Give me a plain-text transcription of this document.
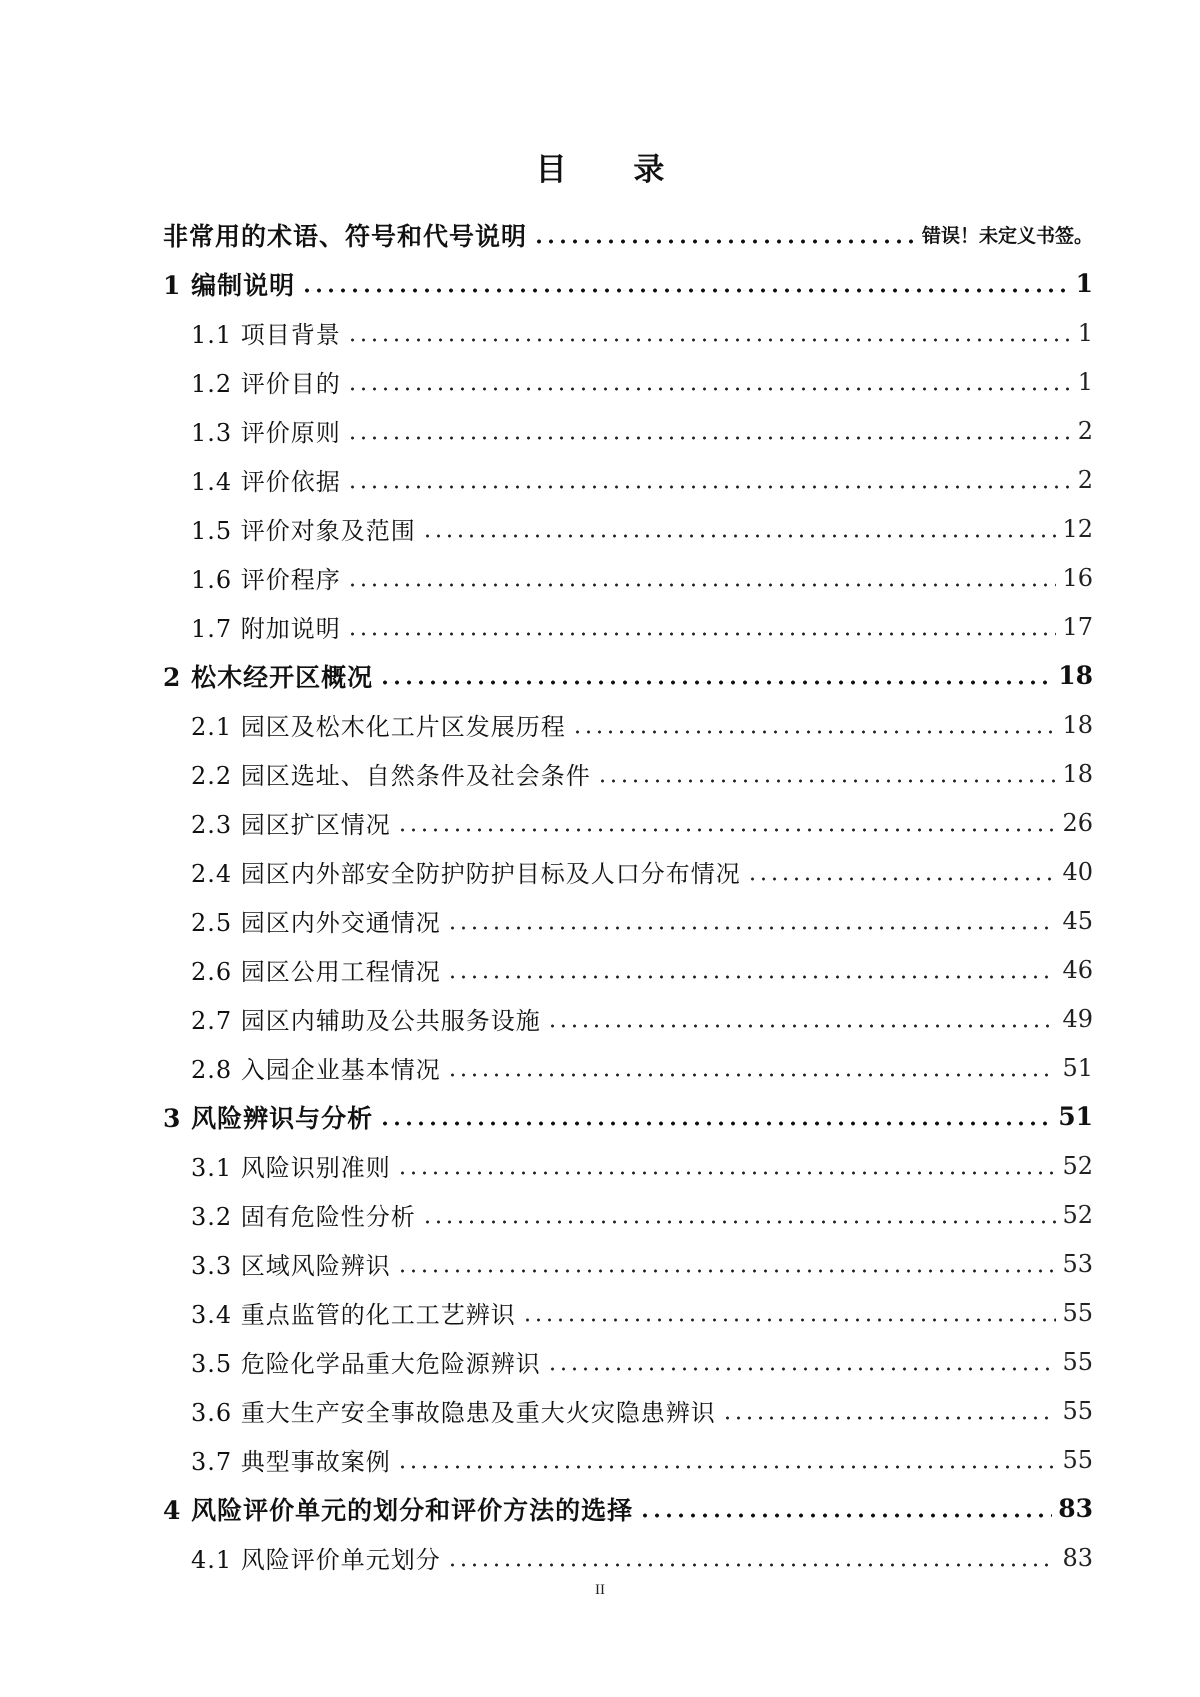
目 录
非常用的术语、符号和代号说明	错误！未定义书签。
1 编制说明	1
1.1 项目背景	1
1.2 评价目的	1
1.3 评价原则	2
1.4 评价依据	2
1.5 评价对象及范围	12
1.6 评价程序	16
1.7 附加说明	17
2 松木经开区概况	18
2.1 园区及松木化工片区发展历程	18
2.2 园区选址、自然条件及社会条件	18
2.3 园区扩区情况	26
2.4 园区内外部安全防护防护目标及人口分布情况	40
2.5 园区内外交通情况	45
2.6 园区公用工程情况	46
2.7 园区内辅助及公共服务设施	49
2.8 入园企业基本情况	51
3 风险辨识与分析	51
3.1 风险识别准则	52
3.2 固有危险性分析	52
3.3 区域风险辨识	53
3.4 重点监管的化工工艺辨识	55
3.5 危险化学品重大危险源辨识	55
3.6 重大生产安全事故隐患及重大火灾隐患辨识	55
3.7 典型事故案例	55
4 风险评价单元的划分和评价方法的选择	83
4.1 风险评价单元划分	83
II
